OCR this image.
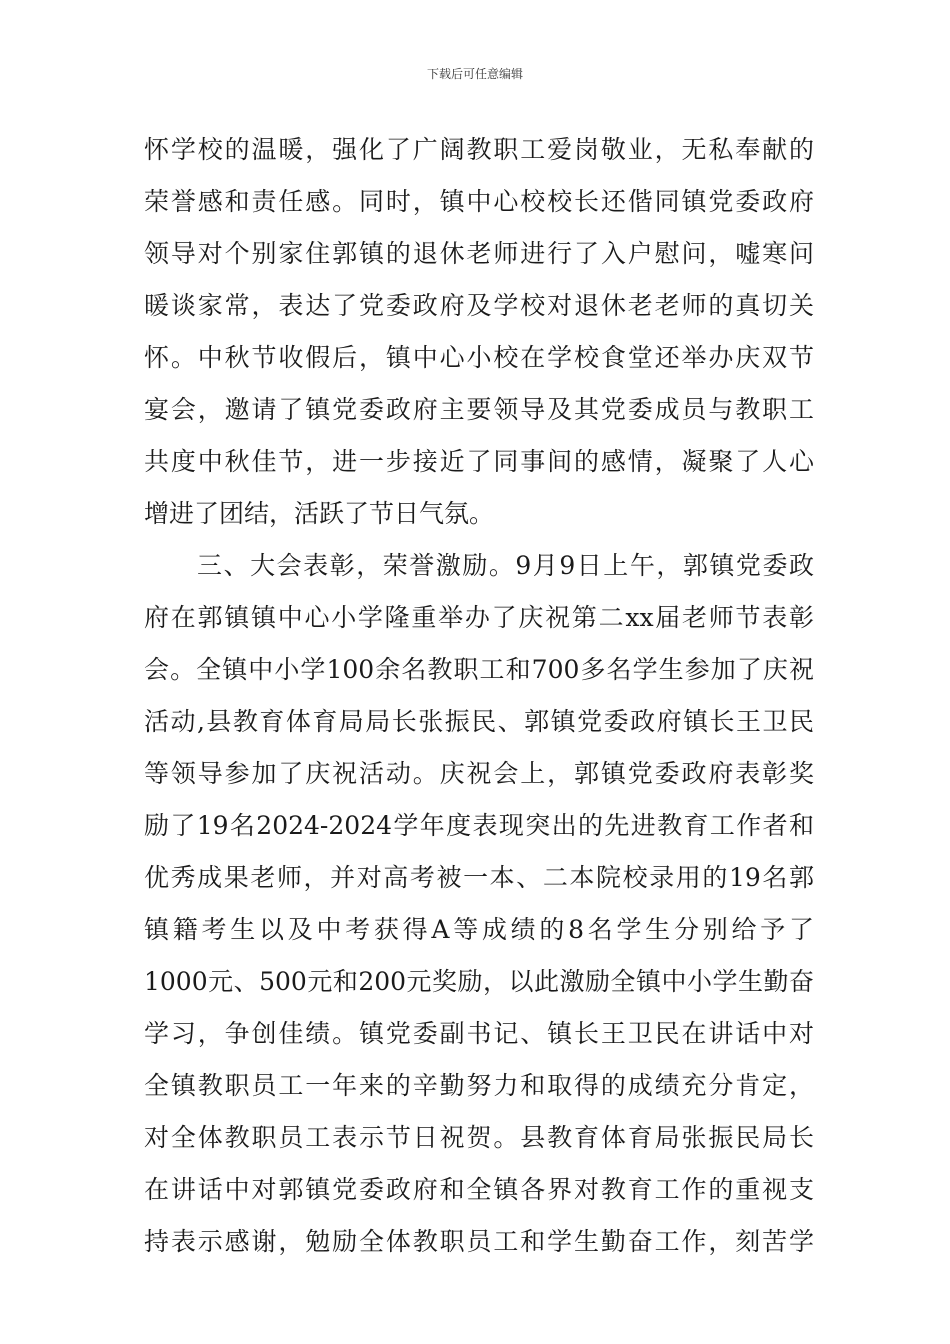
下载后可任意编辑
怀学校的温暖，强化了广阔教职工爱岗敬业，无私奉献的
荣誉感和责任感。同时，镇中心校校长还偕同镇党委政府
领导对个别家住郭镇的退休老师进行了入户慰问，嘘寒问
暖谈家常，表达了党委政府及学校对退休老老师的真切关
怀。中秋节收假后，镇中心小校在学校食堂还举办庆双节
宴会，邀请了镇党委政府主要领导及其党委成员与教职工
共度中秋佳节，进一步接近了同事间的感情，凝聚了人心
增进了团结，活跃了节日气氛。
　　三、大会表彰，荣誉激励。9月9日上午，郭镇党委政
府在郭镇镇中心小学隆重举办了庆祝第二xx届老师节表彰
会。全镇中小学100余名教职工和700多名学生参加了庆祝
活动,县教育体育局局长张振民、郭镇党委政府镇长王卫民
等领导参加了庆祝活动。庆祝会上，郭镇党委政府表彰奖
励了19名2024-2024学年度表现突出的先进教育工作者和
优秀成果老师，并对高考被一本、二本院校录用的19名郭
镇籍考生以及中考获得A等成绩的8名学生分别给予了
1000元、500元和200元奖励，以此激励全镇中小学生勤奋
学习，争创佳绩。镇党委副书记、镇长王卫民在讲话中对
全镇教职员工一年来的辛勤努力和取得的成绩充分肯定，
对全体教职员工表示节日祝贺。县教育体育局张振民局长
在讲话中对郭镇党委政府和全镇各界对教育工作的重视支
持表示感谢，勉励全体教职员工和学生勤奋工作，刻苦学
